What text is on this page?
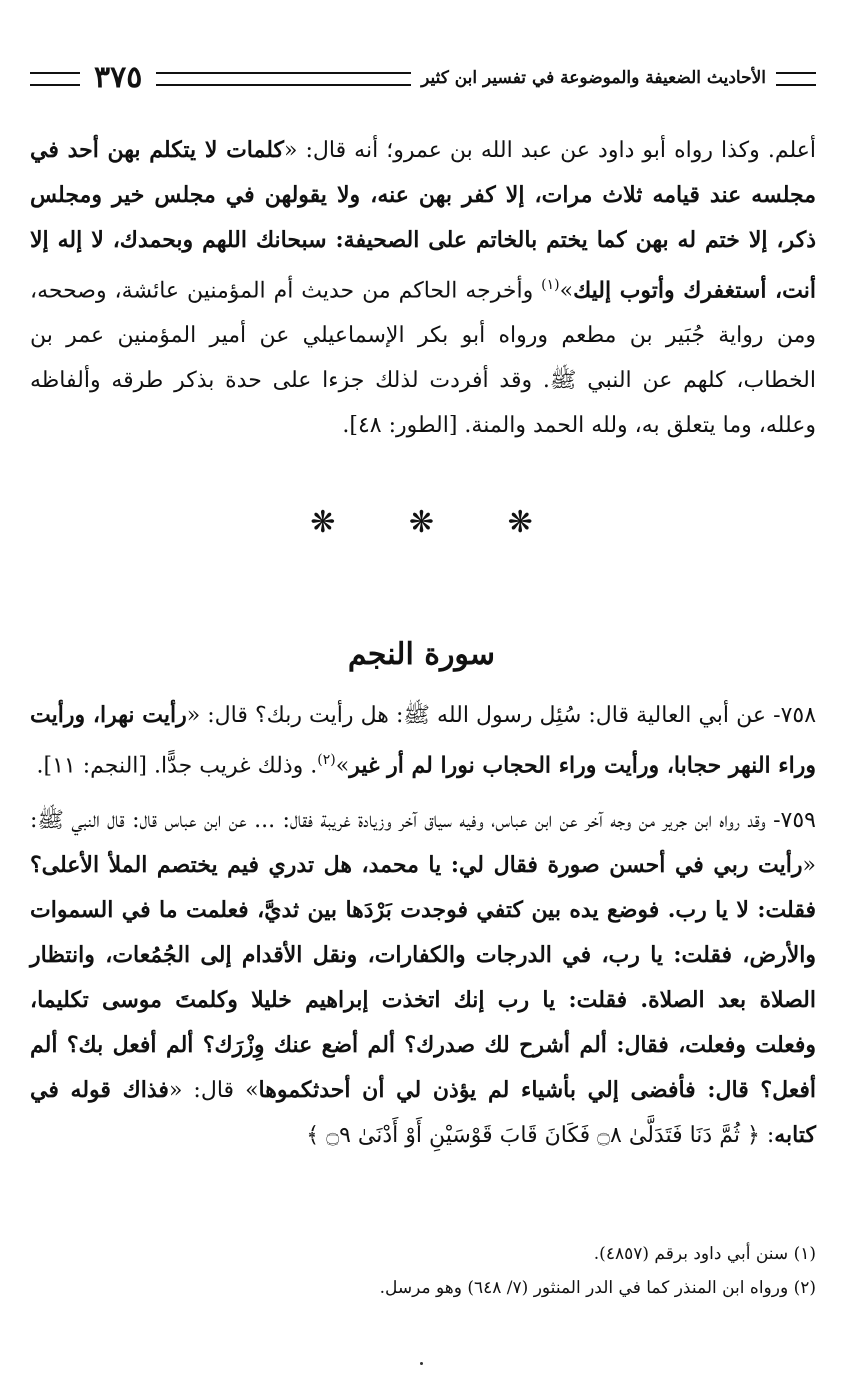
٣٧٥	الأحاديث الضعيفة والموضوعة في تفسير ابن كثير

أعلم. وكذا رواه أبو داود عن عبد الله بن عمرو؛ أنه قال: «كلمات لا يتكلم بهن أحد في مجلسه عند قيامه ثلاث مرات، إلا كفر بهن عنه، ولا يقولهن في مجلس خير ومجلس ذكر، إلا ختم له بهن كما يختم بالخاتم على الصحيفة: سبحانك اللهم وبحمدك، لا إله إلا أنت، أستغفرك وأتوب إليك»$^{(١)}$ وأخرجه الحاكم من حديث أم المؤمنين عائشة، وصححه، ومن رواية جُبَير بن مطعم ورواه أبو بكر الإسماعيلي عن أمير المؤمنين عمر بن الخطاب، كلهم عن النبي ﷺ. وقد أفردت لذلك جزءا على حدة بذكر طرقه وألفاظه وعلله، وما يتعلق به، ولله الحمد والمنة. [الطور: ٤٨].

❋ ❋ ❋
سورة النجم

٧٥٨- عن أبي العالية قال: سُئِل رسول الله ﷺ: هل رأيت ربك؟ قال: «رأيت نهرا، ورأيت وراء النهر حجابا، ورأيت وراء الحجاب نورا لم أر غير»$^{(٢)}$. وذلك غريب جدًّا. [النجم: ١١].

٧٥٩- وقد رواه ابن جرير من وجه آخر عن ابن عباس، وفيه سياق آخر وزيادة غريبة فقال: ... عن ابن عباس قال: قال النبي ﷺ: «رأيت ربي في أحسن صورة فقال لي: يا محمد، هل تدري فيم يختصم الملأ الأعلى؟ فقلت: لا يا رب. فوضع يده بين كتفي فوجدت بَرْدَها بين ثديَّ، فعلمت ما في السموات والأرض، فقلت: يا رب، في الدرجات والكفارات، ونقل الأقدام إلى الجُمُعات، وانتظار الصلاة بعد الصلاة. فقلت: يا رب إنك اتخذت إبراهيم خليلا وكلمتَ موسى تكليما، وفعلت وفعلت، فقال: ألم أشرح لك صدرك؟ ألم أضع عنك وِزْرَك؟ ألم أفعل بك؟ ألم أفعل؟ قال: فأفضى إلي بأشياء لم يؤذن لي أن أحدثكموها» قال: «فذاك قوله في كتابه: ﴿ ثُمَّ دَنَا فَتَدَلَّىٰ ۝٨ فَكَانَ قَابَ قَوْسَيْنِ أَوْ أَدْنَىٰ ۝٩ ﴾

(١) سنن أبي داود برقم (٤٨٥٧).

(٢) ورواه ابن المنذر كما في الدر المنثور (٧/ ٦٤٨) وهو مرسل.
